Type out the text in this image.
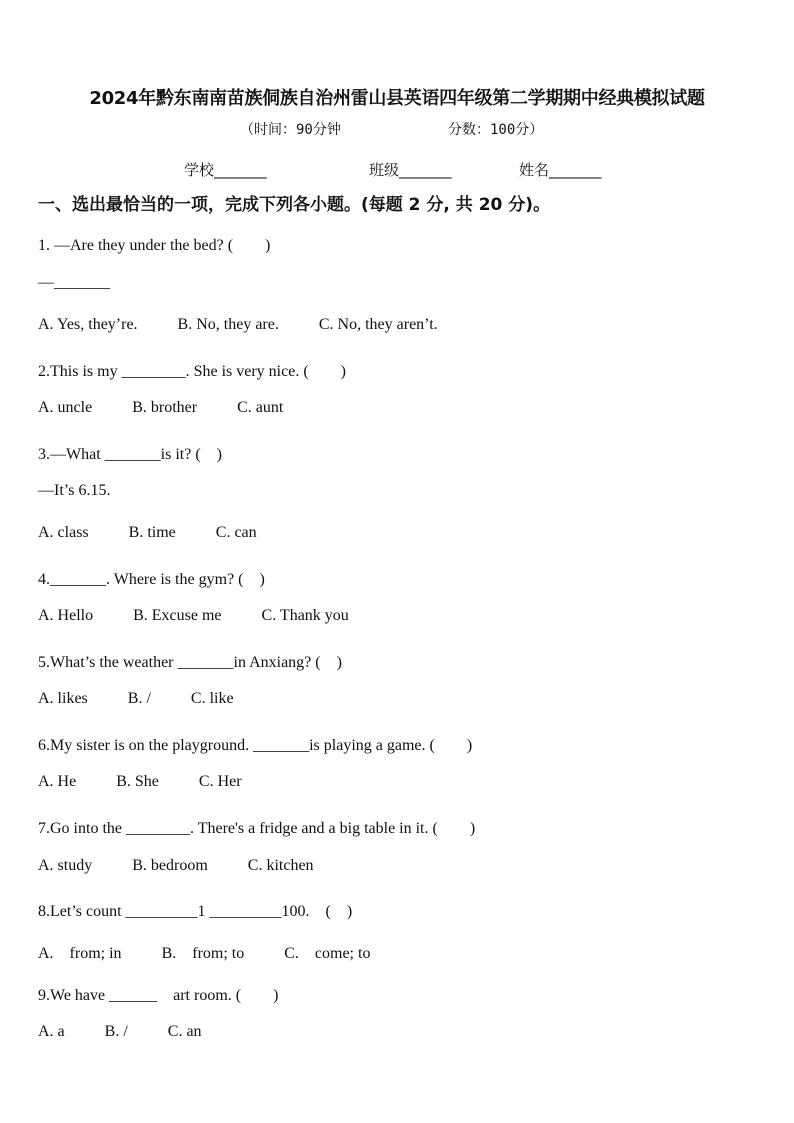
2024年黔东南南苗族侗族自治州雷山县英语四年级第二学期期中经典模拟试题
（时间：90分钟	分数：100分）
学校_______	班级_______	姓名_______
一、选出最恰当的一项，完成下列各小题。(每题 2 分, 共 20 分)。
1. —Are they under the bed? (　　)
—_______
A. Yes, they’re.	B. No, they are.	C. No, they aren’t.
2.This is my ________. She is very nice. (　　)
A. uncle	B. brother	C. aunt
3.—What _______is it? (　)
—It’s 6.15.
A. class	B. time	C. can
4._______. Where is the gym? (　)
A. Hello	B. Excuse me	C. Thank you
5.What’s the weather _______in Anxiang? (　)
A. likes	B. /	C. like
6.My sister is on the playground. _______is playing a game. (　　)
A. He	B. She	C. Her
7.Go into the ________. There's a fridge and a big table in it. (　　)
A. study	B. bedroom	C. kitchen
8.Let’s count _________1 _________100.　(　)
A.　from; in	B.　from; to	C.　come; to
9.We have ______　art room. (　　)
A. a	B. /	C. an
